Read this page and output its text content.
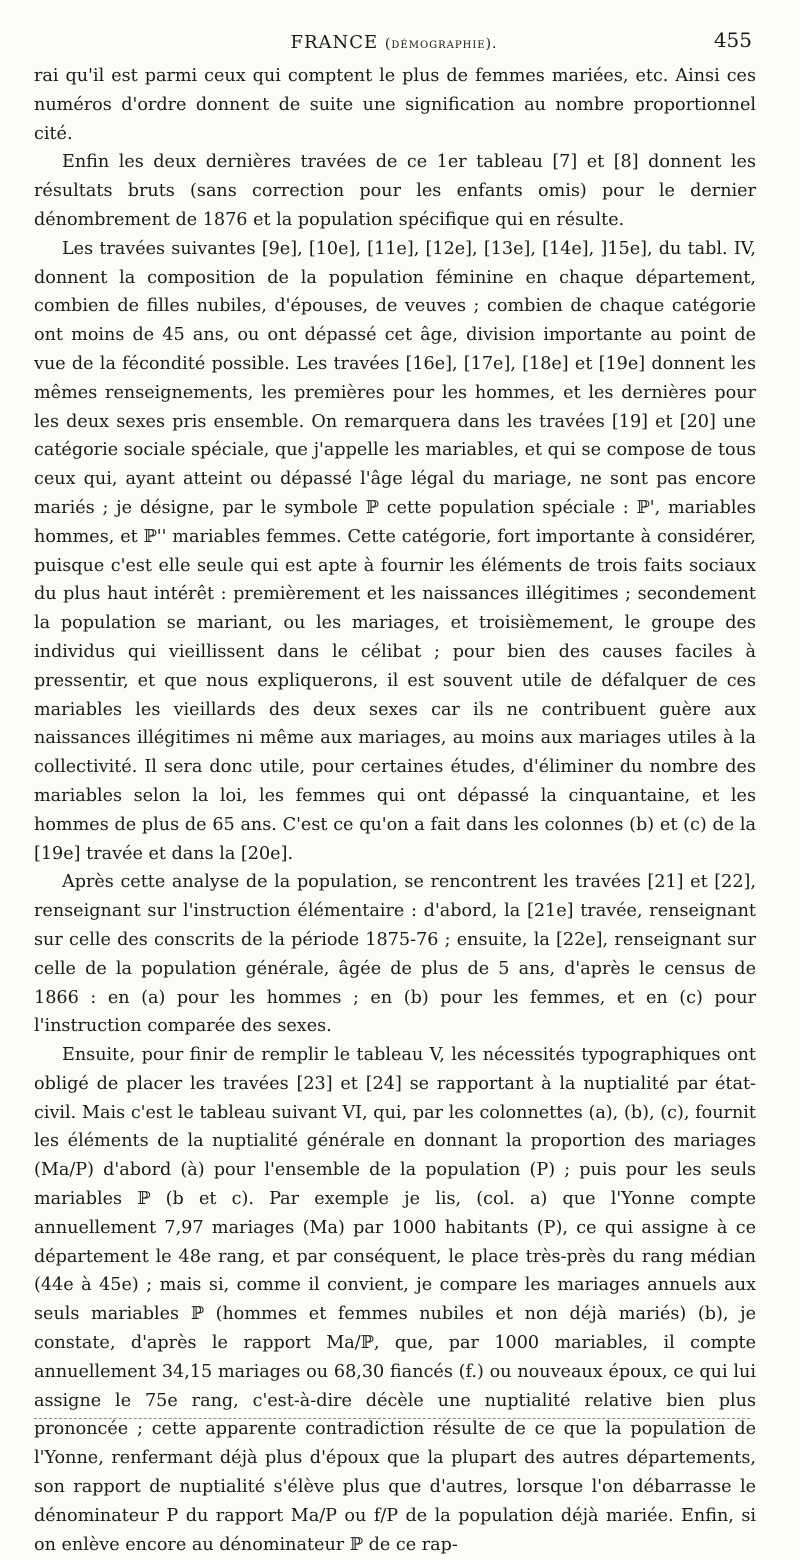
FRANCE (démographie).	455

rai qu'il est parmi ceux qui comptent le plus de femmes mariées, etc. Ainsi ces numéros d'ordre donnent de suite une signification au nombre proportionnel cité.

Enfin les deux dernières travées de ce 1er tableau [7] et [8] donnent les résultats bruts (sans correction pour les enfants omis) pour le dernier dénombrement de 1876 et la population spécifique qui en résulte.

Les travées suivantes [9e], [10e], [11e], [12e], [13e], [14e], ]15e], du tabl. IV, donnent la composition de la population féminine en chaque département, combien de filles nubiles, d'épouses, de veuves ; combien de chaque catégorie ont moins de 45 ans, ou ont dépassé cet âge, division importante au point de vue de la fécondité possible. Les travées [16e], [17e], [18e] et [19e] donnent les mêmes renseignements, les premières pour les hommes, et les dernières pour les deux sexes pris ensemble. On remarquera dans les travées [19] et [20] une catégorie sociale spéciale, que j'appelle les mariables, et qui se compose de tous ceux qui, ayant atteint ou dépassé l'âge légal du mariage, ne sont pas encore mariés ; je désigne, par le symbole ℙ cette population spéciale : ℙ', mariables hommes, et ℙ'' mariables femmes. Cette catégorie, fort importante à considérer, puisque c'est elle seule qui est apte à fournir les éléments de trois faits sociaux du plus haut intérêt : premièrement et les naissances illégitimes ; secondement la population se mariant, ou les mariages, et troisièmement, le groupe des individus qui vieillissent dans le célibat ; pour bien des causes faciles à pressentir, et que nous expliquerons, il est souvent utile de défalquer de ces mariables les vieillards des deux sexes car ils ne contribuent guère aux naissances illégitimes ni même aux mariages, au moins aux mariages utiles à la collectivité. Il sera donc utile, pour certaines études, d'éliminer du nombre des mariables selon la loi, les femmes qui ont dépassé la cinquantaine, et les hommes de plus de 65 ans. C'est ce qu'on a fait dans les colonnes (b) et (c) de la [19e] travée et dans la [20e].

Après cette analyse de la population, se rencontrent les travées [21] et [22], renseignant sur l'instruction élémentaire : d'abord, la [21e] travée, renseignant sur celle des conscrits de la période 1875-76 ; ensuite, la [22e], renseignant sur celle de la population générale, âgée de plus de 5 ans, d'après le census de 1866 : en (a) pour les hommes ; en (b) pour les femmes, et en (c) pour l'instruction comparée des sexes.

Ensuite, pour finir de remplir le tableau V, les nécessités typographiques ont obligé de placer les travées [23] et [24] se rapportant à la nuptialité par état-civil. Mais c'est le tableau suivant VI, qui, par les colonnettes (a), (b), (c), fournit les éléments de la nuptialité générale en donnant la proportion des mariages (Ma/P) d'abord (à) pour l'ensemble de la population (P) ; puis pour les seuls mariables ℙ (b et c). Par exemple je lis, (col. a) que l'Yonne compte annuellement 7,97 mariages (Ma) par 1000 habitants (P), ce qui assigne à ce département le 48e rang, et par conséquent, le place très-près du rang médian (44e à 45e) ; mais si, comme il convient, je compare les mariages annuels aux seuls mariables ℙ (hommes et femmes nubiles et non déjà mariés) (b), je constate, d'après le rapport Ma/ℙ, que, par 1000 mariables, il compte annuellement 34,15 mariages ou 68,30 fiancés (f.) ou nouveaux époux, ce qui lui assigne le 75e rang, c'est-à-dire décèle une nuptialité relative bien plus prononcée ; cette apparente contradiction résulte de ce que la population de l'Yonne, renfermant déjà plus d'époux que la plupart des autres départements, son rapport de nuptialité s'élève plus que d'autres, lorsque l'on débarrasse le dénominateur P du rapport Ma/P ou f/P de la population déjà mariée. Enfin, si on enlève encore au dénominateur ℙ de ce rap-
